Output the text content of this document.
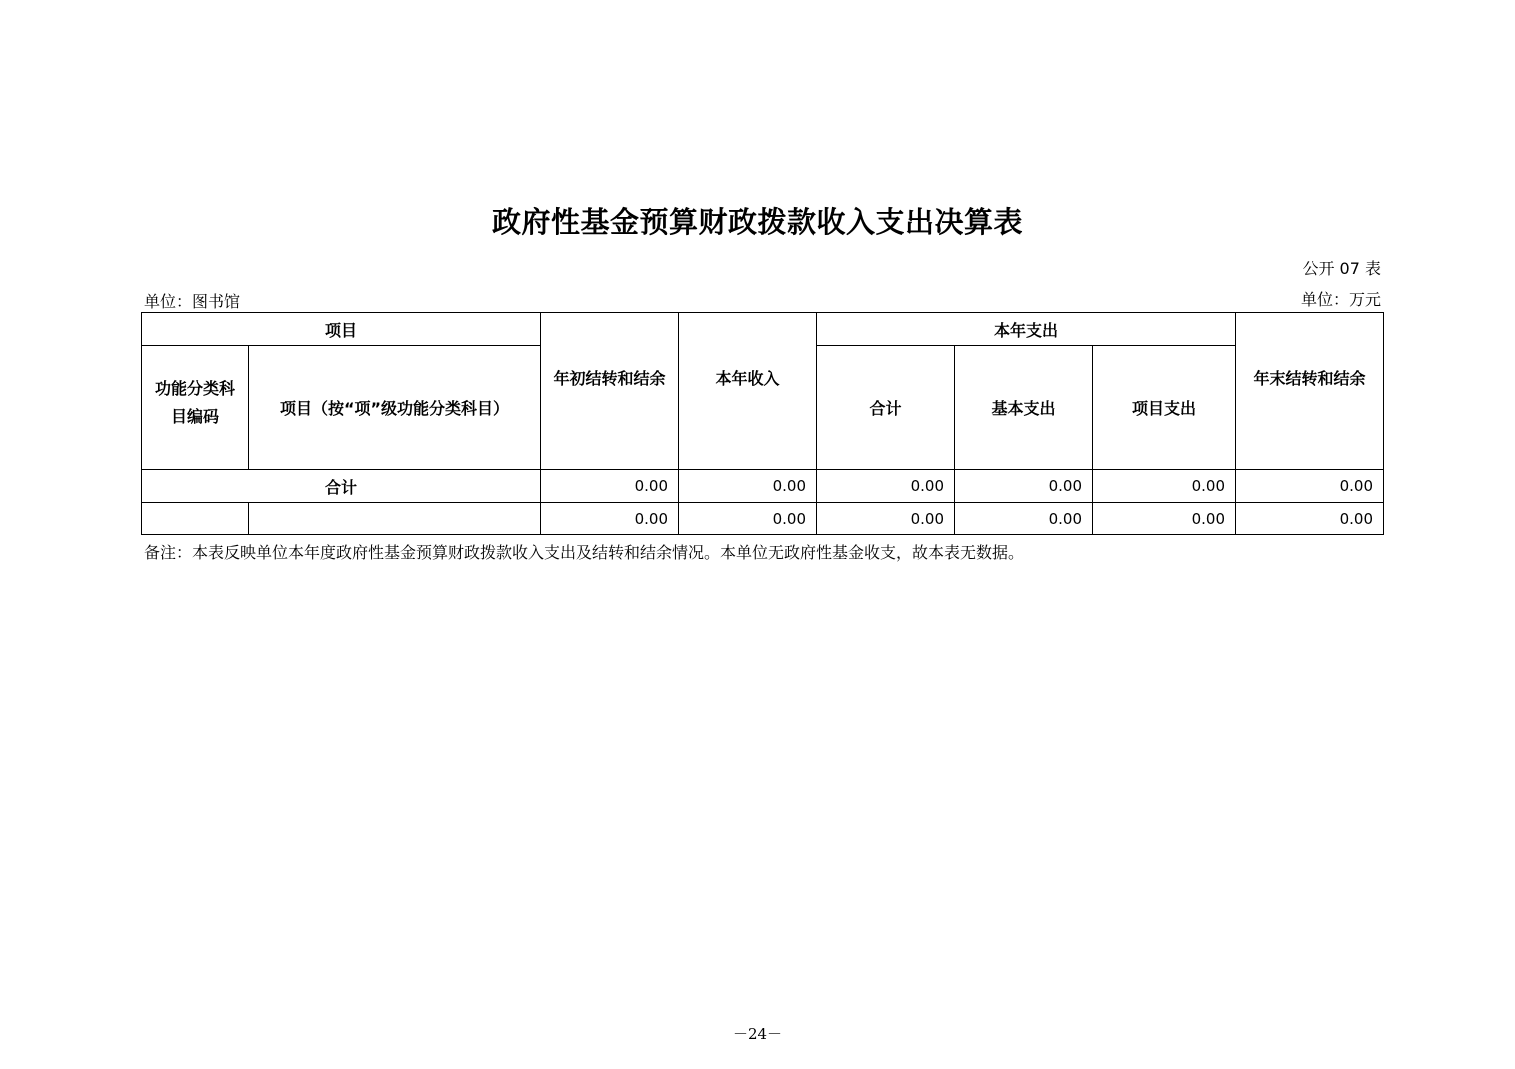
政府性基金预算财政拨款收入支出决算表
公开 07 表
单位：图书馆	单位：万元
项目		年初结转和结余	本年收入	本年支出			年末结转和结余

功能分类科目编码	项目（按“项”级功能分类科目）			合计	基本支出	项目支出	
合计		0.00	0.00	0.00	0.00	0.00	0.00
		0.00	0.00	0.00	0.00	0.00	0.00
备注：本表反映单位本年度政府性基金预算财政拨款收入支出及结转和结余情况。本单位无政府性基金收支，故本表无数据。
－24－
